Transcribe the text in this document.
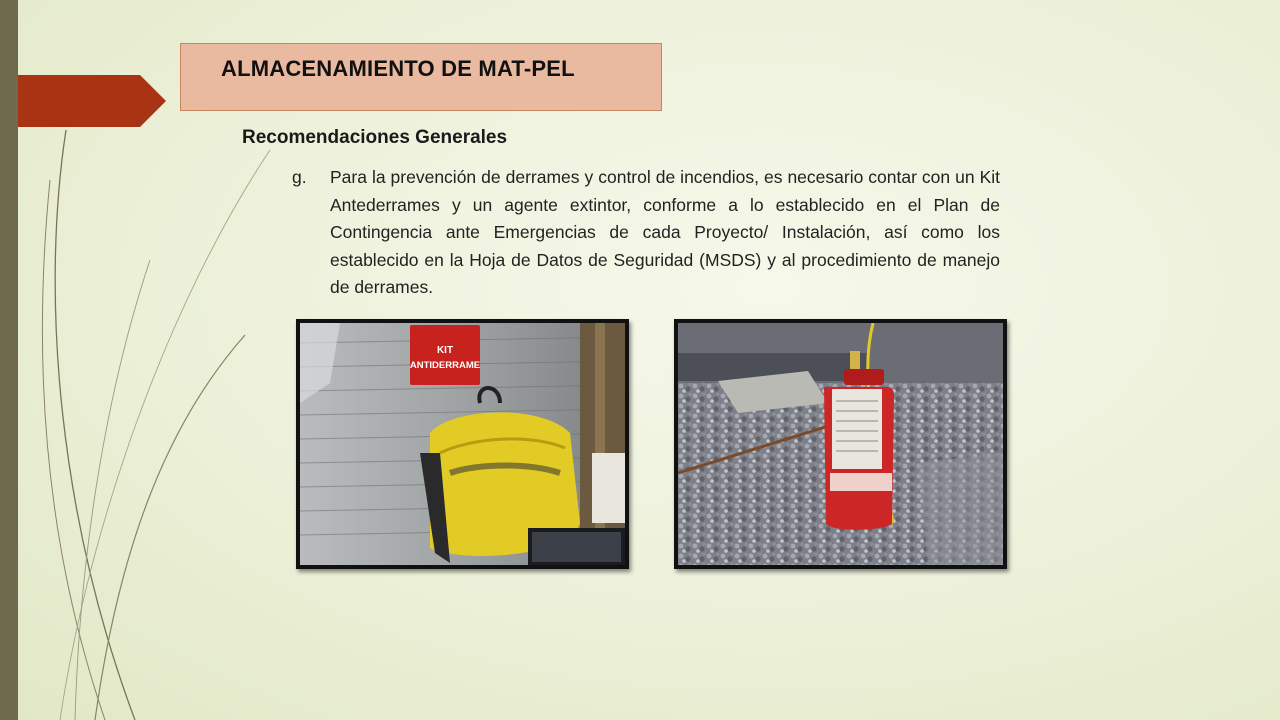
ALMACENAMIENTO DE MAT-PEL
Recomendaciones Generales
g. Para la prevención de derrames y control de incendios, es necesario contar con un Kit Antederrames y un agente extintor, conforme a lo establecido en el Plan de Contingencia ante Emergencias de cada Proyecto/ Instalación, así como los establecido en la Hoja de Datos de Seguridad (MSDS) y al procedimiento de manejo de derrames.
KIT
ANTIDERRAME
